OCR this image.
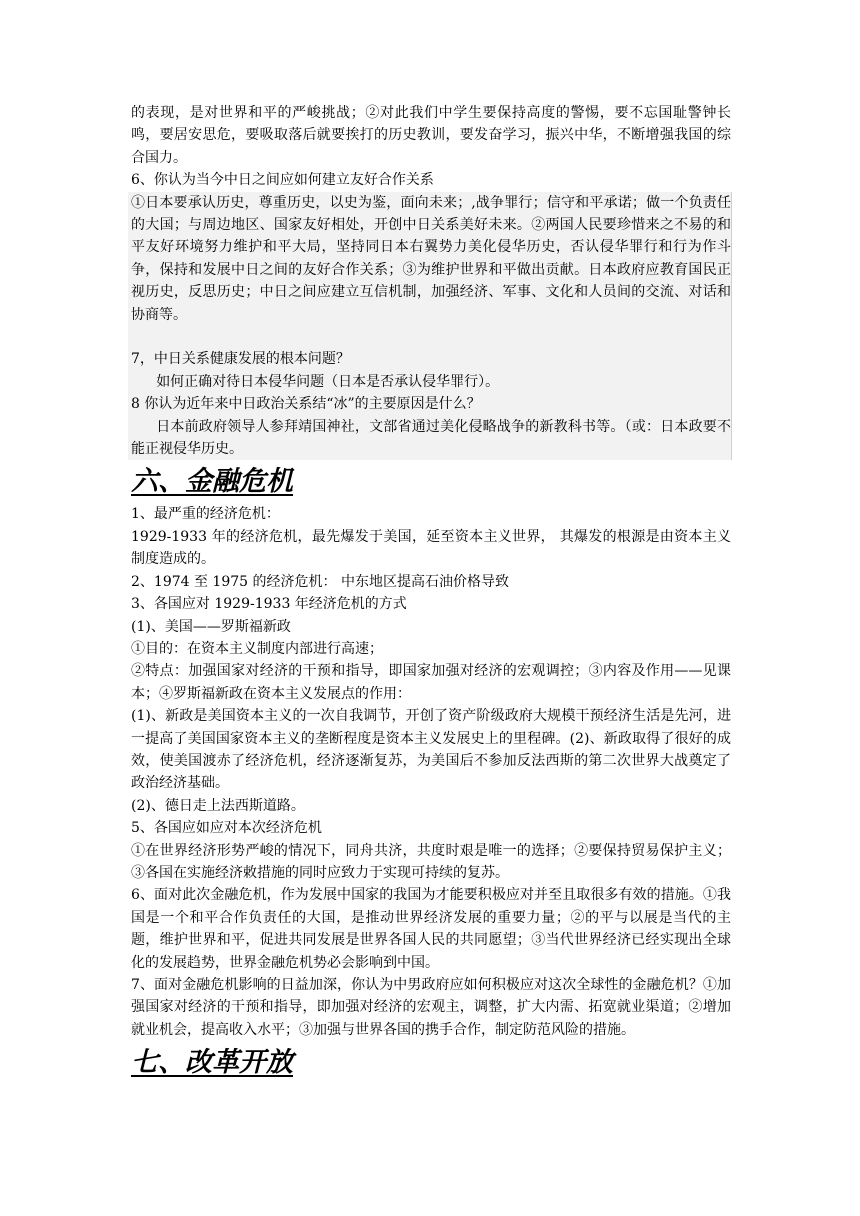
的表现，是对世界和平的严峻挑战；②对此我们中学生要保持高度的警惕，要不忘国耻警钟长鸣，要居安思危，要吸取落后就要挨打的历史教训，要发奋学习，振兴中华，不断增强我国的综合国力。

6、你认为当今中日之间应如何建立友好合作关系

①日本要承认历史，尊重历史，以史为鉴，面向未来；,战争罪行；信守和平承诺；做一个负责任的大国；与周边地区、国家友好相处，开创中日关系美好未来。②两国人民要珍惜来之不易的和平友好环境努力维护和平大局，坚持同日本右翼势力美化侵华历史，否认侵华罪行和行为作斗争，保持和发展中日之间的友好合作关系；③为维护世界和平做出贡献。日本政府应教育国民正视历史，反思历史；中日之间应建立互信机制，加强经济、军事、文化和人员间的交流、对话和协商等。

7，中日关系健康发展的根本问题？

如何正确对待日本侵华问题（日本是否承认侵华罪行）。

8 你认为近年来中日政治关系结“冰”的主要原因是什么？

日本前政府领导人参拜靖国神社，文部省通过美化侵略战争的新教科书等。（或：日本政要不能正视侵华历史。

六、金融危机

1、最严重的经济危机：

1929-1933 年的经济危机，最先爆发于美国，延至资本主义世界， 其爆发的根源是由资本主义制度造成的。

2、1974 至 1975 的经济危机： 中东地区提高石油价格导致

3、各国应对 1929-1933 年经济危机的方式

(1)、美国——罗斯福新政

①目的：在资本主义制度内部进行高速；

②特点：加强国家对经济的干预和指导，即国家加强对经济的宏观调控；③内容及作用——见课本；④罗斯福新政在资本主义发展点的作用：

(1)、新政是美国资本主义的一次自我调节，开创了资产阶级政府大规模干预经济生活是先河，进一提高了美国国家资本主义的垄断程度是资本主义发展史上的里程碑。(2)、新政取得了很好的成效，使美国渡赤了经济危机，经济逐渐复苏，为美国后不参加反法西斯的第二次世界大战奠定了政治经济基础。

(2)、德日走上法西斯道路。

5、各国应如应对本次经济危机

①在世界经济形势严峻的情况下，同舟共济，共度时艰是唯一的选择；②要保持贸易保护主义；③各国在实施经济敕措施的同时应致力于实现可持续的复苏。

6、面对此次金融危机，作为发展中国家的我国为才能要积极应对并至且取很多有效的措施。①我国是一个和平合作负责任的大国，是推动世界经济发展的重要力量；②的平与以展是当代的主题，维护世界和平，促进共同发展是世界各国人民的共同愿望；③当代世界经济已经实现出全球化的发展趋势，世界金融危机势必会影响到中国。

7、面对金融危机影响的日益加深，你认为中男政府应如何积极应对这次全球性的金融危机？①加强国家对经济的干预和指导，即加强对经济的宏观主，调整，扩大内需、拓宽就业渠道；②增加就业机会，提高收入水平；③加强与世界各国的携手合作，制定防范风险的措施。

七、改革开放
